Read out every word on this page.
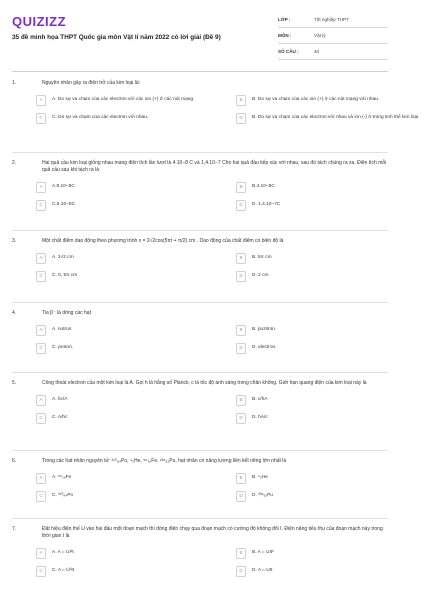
QUIZIZZ
35 đề minh họa THPT Quốc gia môn Vật lí năm 2022 có lời giải (Đề 9)
LỚP :	Tốt nghiệp THPT
MÔN :	Vật lý
SỐ CÂU :	40
1.	Nguyên nhân gây ra điện trở của kim loại là:
A	A. Do sự va chạm của các electron với các ion (+) ở các nút mạng.	B	B. Do sự va chạm của các ion (+) ở các nút mạng với nhau.
C	C. Do sự va chạm của các electron với nhau.	D	B. Do sự va chạm của các electron với nhau và ion (-) ở trong tinh thể kim loại.
2.	Hai quả cầu kim loại giống nhau mang điện tích lần lượt là 4.10−8 C và 1,4.10−7 Cho hai quả đầu tiếp xúc với nhau, sau đó tách chúng ra xa. Điện tích mỗi quả cầu sau khi tách ra là
A	A.9.10−8C	B	B.4.10−8C
C	C.5.10−8C	D	D. 1,4.10−7C
3.	Một chất điểm dao động theo phương trình x = 2√2cos(5πt + π/2) cm . Dao động của chất điểm có biên độ là
A	A. 2√2 cm	B	B. 5π cm
C	C. 0, 5π cm	D	D. 2 cm
4.	Tia β⁻ là dòng các hạt
A	A. notron	B	B. pozitron.
C	C. proton.	D	D. electron.
5.	Công thoát electron của một kim loại là A. Gọi h là hằng số Planck, c là tốc độ ánh sáng trong chân không. Giới hạn quang điện của kim loại này là
A	A. hc/A	B	B. c/hA
C	C. A/hc	D	D. hA/c
6.	Trong các hạt nhân nguyên tử: ²¹⁰₈₄Po, ⁴₂He, ⁵⁶₂₆Fe, ²³⁸₉₂Pu, hạt nhân có năng lượng liên kết riêng lớn nhất là
A	A. ⁵⁶₂₆Fe	B	B. ⁴₂He
C	C. ²¹⁰₈₄Po	D	D. ²³⁸₉₂Pu
7.	Đặt hiệu điện thế U vào hai đầu một đoạn mạch thì dòng điện chạy qua đoạn mạch có cường độ không đổi I. Điện năng tiêu thụ của đoạn mạch này trong thời gian t là
A	A. A = UI²t	B	B. A = UIt²
C	C. A = U²It	D	D. A = UIt
